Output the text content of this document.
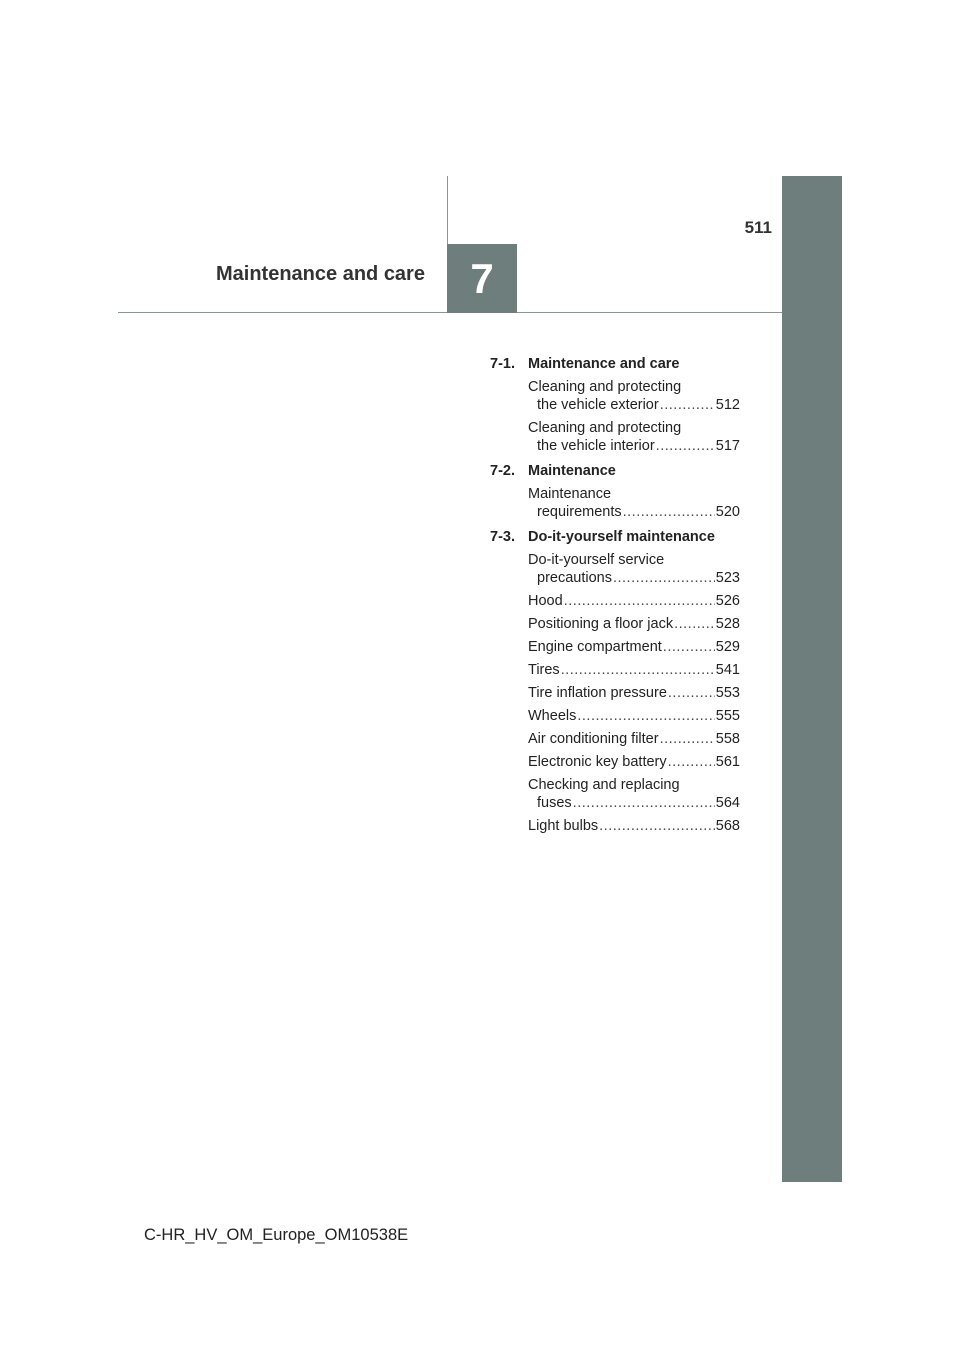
511
Maintenance and care	7
7-1. Maintenance and care
Cleaning and protecting
the vehicle exterior .....	512
Cleaning and protecting
the vehicle interior .....	517
7-2. Maintenance
Maintenance
requirements .....	520
7-3. Do-it-yourself maintenance
Do-it-yourself service
precautions .....	523
Hood .....	526
Positioning a floor jack .....	528
Engine compartment .....	529
Tires .....	541
Tire inflation pressure .....	553
Wheels .....	555
Air conditioning filter .....	558
Electronic key battery .....	561
Checking and replacing
fuses .....	564
Light bulbs .....	568
C-HR_HV_OM_Europe_OM10538E
